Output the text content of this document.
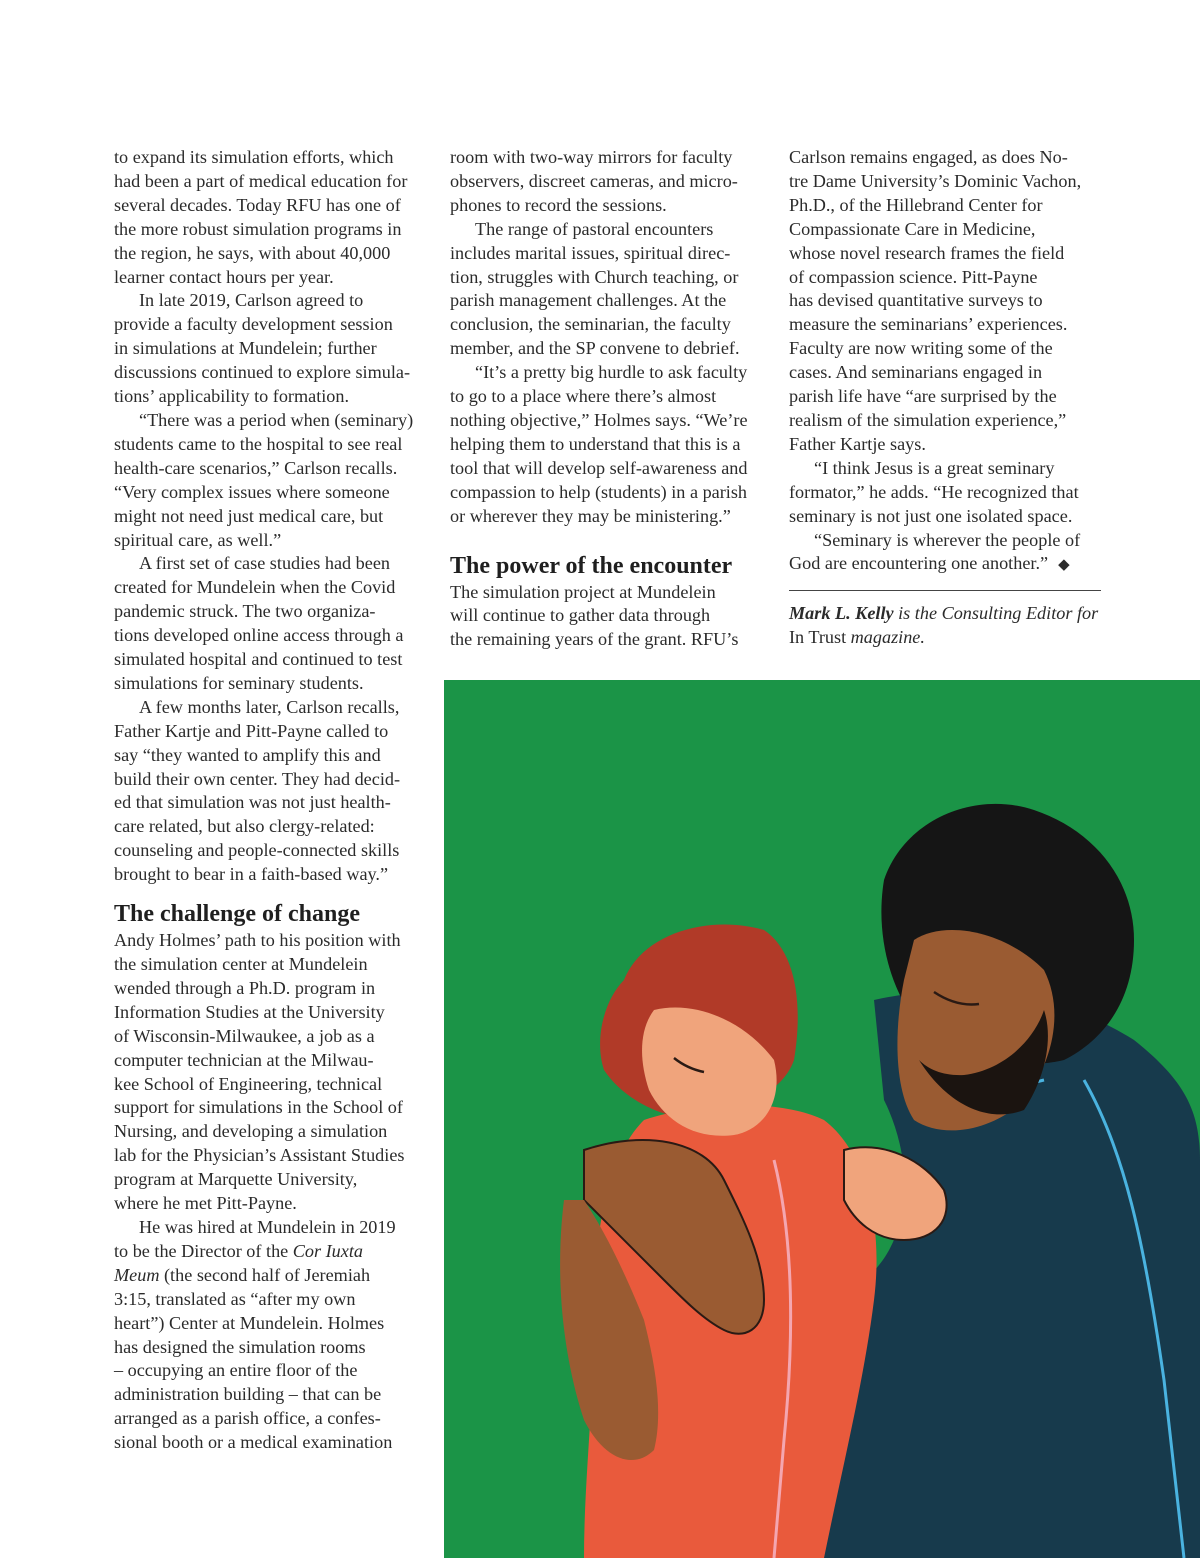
to expand its simulation efforts, which
had been a part of medical education for
several decades. Today RFU has one of
the more robust simulation programs in
the region, he says, with about 40,000
learner contact hours per year.
In late 2019, Carlson agreed to
provide a faculty development session
in simulations at Mundelein; further
discussions continued to explore simula-
tions’ applicability to formation.
“There was a period when (seminary)
students came to the hospital to see real
health-care scenarios,” Carlson recalls.
“Very complex issues where someone
might not need just medical care, but
spiritual care, as well.”
A first set of case studies had been
created for Mundelein when the Covid
pandemic struck. The two organiza-
tions developed online access through a
simulated hospital and continued to test
simulations for seminary students.
A few months later, Carlson recalls,
Father Kartje and Pitt-Payne called to
say “they wanted to amplify this and
build their own center. They had decid-
ed that simulation was not just health-
care related, but also clergy-related:
counseling and people-connected skills
brought to bear in a faith-based way.”
The challenge of change
Andy Holmes’ path to his position with
the simulation center at Mundelein
wended through a Ph.D. program in
Information Studies at the University
of Wisconsin-Milwaukee, a job as a
computer technician at the Milwau-
kee School of Engineering, technical
support for simulations in the School of
Nursing, and developing a simulation
lab for the Physician’s Assistant Studies
program at Marquette University,
where he met Pitt-Payne.
He was hired at Mundelein in 2019
to be the Director of the Cor Iuxta
Meum (the second half of Jeremiah
3:15, translated as “after my own
heart”) Center at Mundelein. Holmes
has designed the simulation rooms
– occupying an entire floor of the
administration building – that can be
arranged as a parish office, a confes-
sional booth or a medical examination
room with two-way mirrors for faculty
observers, discreet cameras, and micro-
phones to record the sessions.
The range of pastoral encounters
includes marital issues, spiritual direc-
tion, struggles with Church teaching, or
parish management challenges. At the
conclusion, the seminarian, the faculty
member, and the SP convene to debrief.
“It’s a pretty big hurdle to ask faculty
to go to a place where there’s almost
nothing objective,” Holmes says. “We’re
helping them to understand that this is a
tool that will develop self-awareness and
compassion to help (students) in a parish
or wherever they may be ministering.”
The power of the encounter
The simulation project at Mundelein
will continue to gather data through
the remaining years of the grant. RFU’s
Carlson remains engaged, as does No-
tre Dame University’s Dominic Vachon,
Ph.D., of the Hillebrand Center for
Compassionate Care in Medicine,
whose novel research frames the field
of compassion science. Pitt-Payne
has devised quantitative surveys to
measure the seminarians’ experiences.
Faculty are now writing some of the
cases. And seminarians engaged in
parish life have “are surprised by the
realism of the simulation experience,”
Father Kartje says.
“I think Jesus is a great seminary
formator,” he adds. “He recognized that
seminary is not just one isolated space.
“Seminary is wherever the people of
God are encountering one another.” ◆
Mark L. Kelly is the Consulting Editor for
In Trust magazine.
